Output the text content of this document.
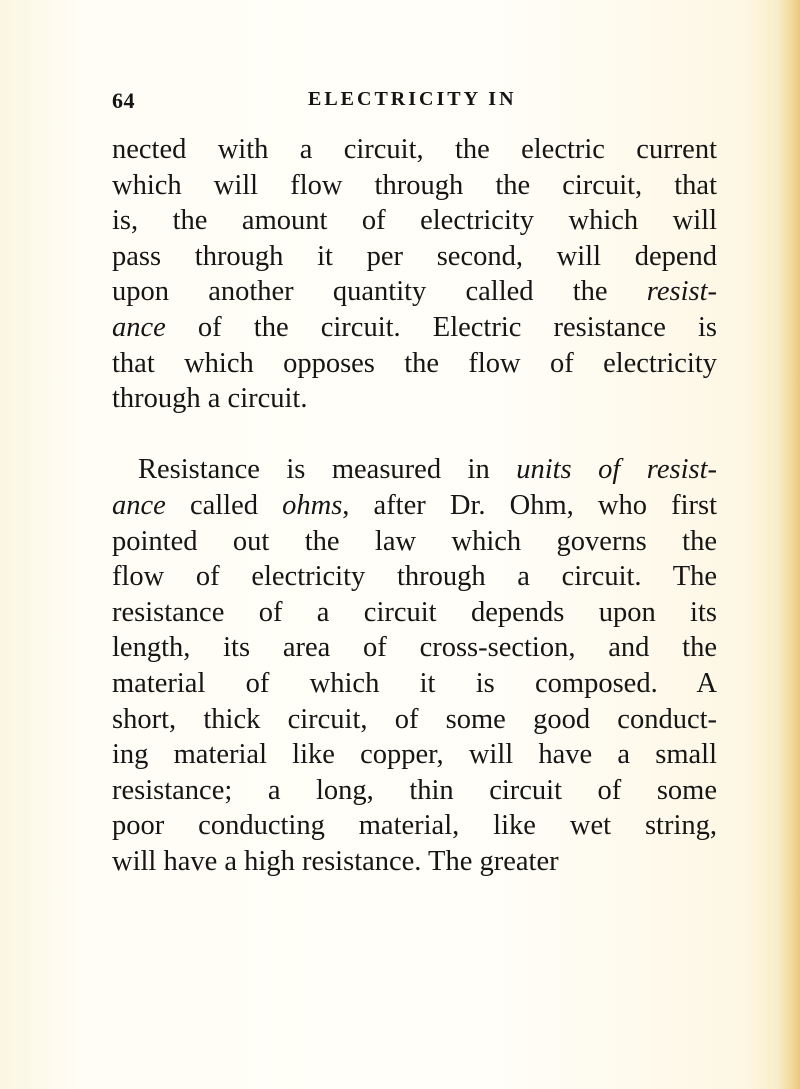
64	ELECTRICITY IN

nected with a circuit, the electric current
which will flow through the circuit, that
is, the amount of electricity which will
pass through it per second, will depend
upon another quantity called the resist-
ance of the circuit. Electric resistance is
that which opposes the flow of electricity
through a circuit.

Resistance is measured in units of resist-
ance called ohms, after Dr. Ohm, who first
pointed out the law which governs the
flow of electricity through a circuit. The
resistance of a circuit depends upon its
length, its area of cross-section, and the
material of which it is composed. A
short, thick circuit, of some good conduct-
ing material like copper, will have a small
resistance; a long, thin circuit of some
poor conducting material, like wet string,
will have a high resistance. The greater
